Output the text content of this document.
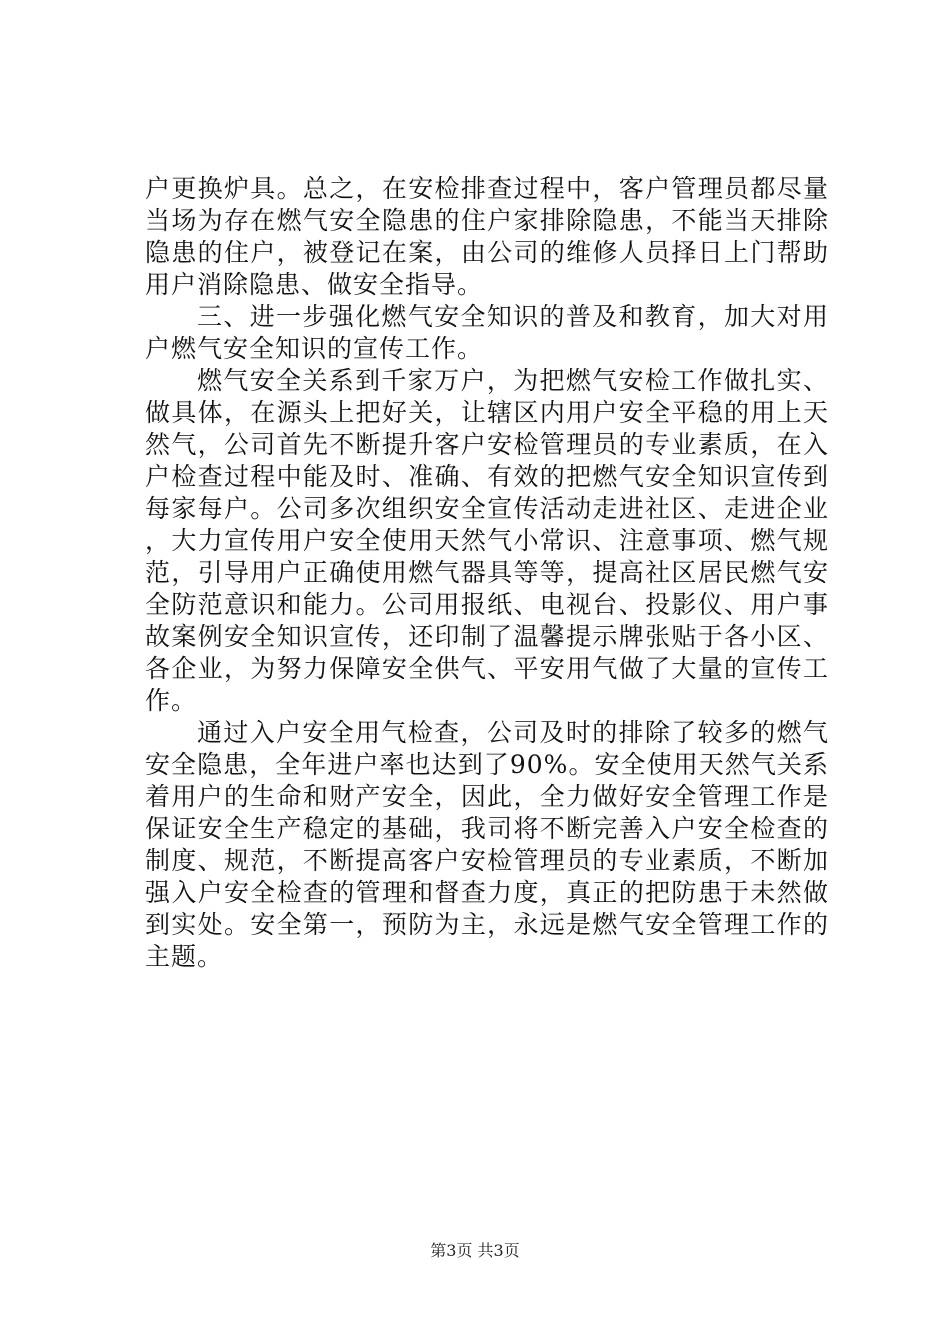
户更换炉具。总之，在安检排查过程中，客户管理员都尽量当场为存在燃气安全隐患的住户家排除隐患，不能当天排除隐患的住户，被登记在案，由公司的维修人员择日上门帮助用户消除隐患、做安全指导。

三、进一步强化燃气安全知识的普及和教育，加大对用户燃气安全知识的宣传工作。

燃气安全关系到千家万户，为把燃气安检工作做扎实、做具体，在源头上把好关，让辖区内用户安全平稳的用上天然气，公司首先不断提升客户安检管理员的专业素质，在入户检查过程中能及时、准确、有效的把燃气安全知识宣传到每家每户。公司多次组织安全宣传活动走进社区、走进企业，大力宣传用户安全使用天然气小常识、注意事项、燃气规范，引导用户正确使用燃气器具等等，提高社区居民燃气安全防范意识和能力。公司用报纸、电视台、投影仪、用户事故案例安全知识宣传，还印制了温馨提示牌张贴于各小区、各企业，为努力保障安全供气、平安用气做了大量的宣传工作。

通过入户安全用气检查，公司及时的排除了较多的燃气安全隐患，全年进户率也达到了90%。安全使用天然气关系着用户的生命和财产安全，因此，全力做好安全管理工作是保证安全生产稳定的基础，我司将不断完善入户安全检查的制度、规范，不断提高客户安检管理员的专业素质，不断加强入户安全检查的管理和督查力度，真正的把防患于未然做到实处。安全第一，预防为主，永远是燃气安全管理工作的主题。

第3页 共3页
